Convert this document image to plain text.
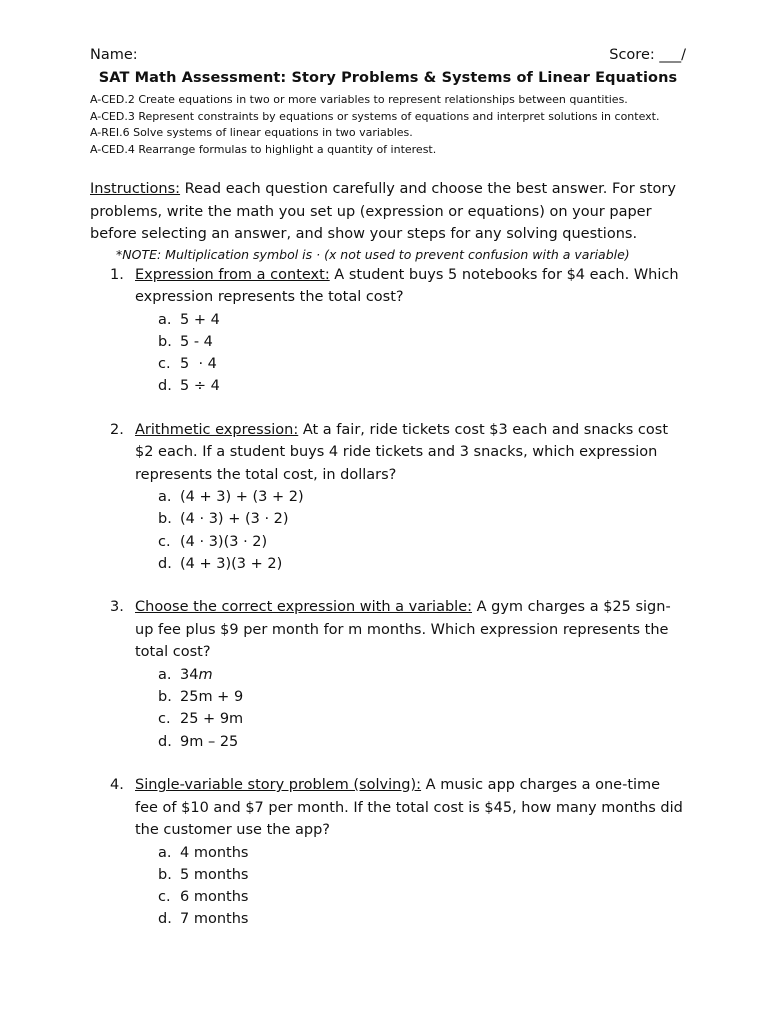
Name:	Score: ___/
SAT Math Assessment: Story Problems & Systems of Linear Equations
A-CED.2 Create equations in two or more variables to represent relationships between quantities.
A-CED.3 Represent constraints by equations or systems of equations and interpret solutions in context.
A-REI.6 Solve systems of linear equations in two variables.
A-CED.4 Rearrange formulas to highlight a quantity of interest.
Instructions: Read each question carefully and choose the best answer. For story problems, write the math you set up (expression or equations) on your paper before selecting an answer, and show your steps for any solving questions.
*NOTE: Multiplication symbol is · (x not used to prevent confusion with a variable)
1. Expression from a context: A student buys 5 notebooks for $4 each. Which expression represents the total cost?
a. 5 + 4
b. 5 - 4
c. 5  · 4
d. 5 ÷ 4
2. Arithmetic expression: At a fair, ride tickets cost $3 each and snacks cost $2 each. If a student buys 4 ride tickets and 3 snacks, which expression represents the total cost, in dollars?
a. (4 + 3) + (3 + 2)
b. (4 · 3) + (3 · 2)
c. (4 · 3)(3 · 2)
d. (4 + 3)(3 + 2)
3. Choose the correct expression with a variable: A gym charges a $25 sign-up fee plus $9 per month for m months. Which expression represents the total cost?
a. 34m
b. 25m + 9
c. 25 + 9m
d. 9m – 25
4. Single-variable story problem (solving): A music app charges a one-time fee of $10 and $7 per month. If the total cost is $45, how many months did the customer use the app?
a. 4 months
b. 5 months
c. 6 months
d. 7 months
